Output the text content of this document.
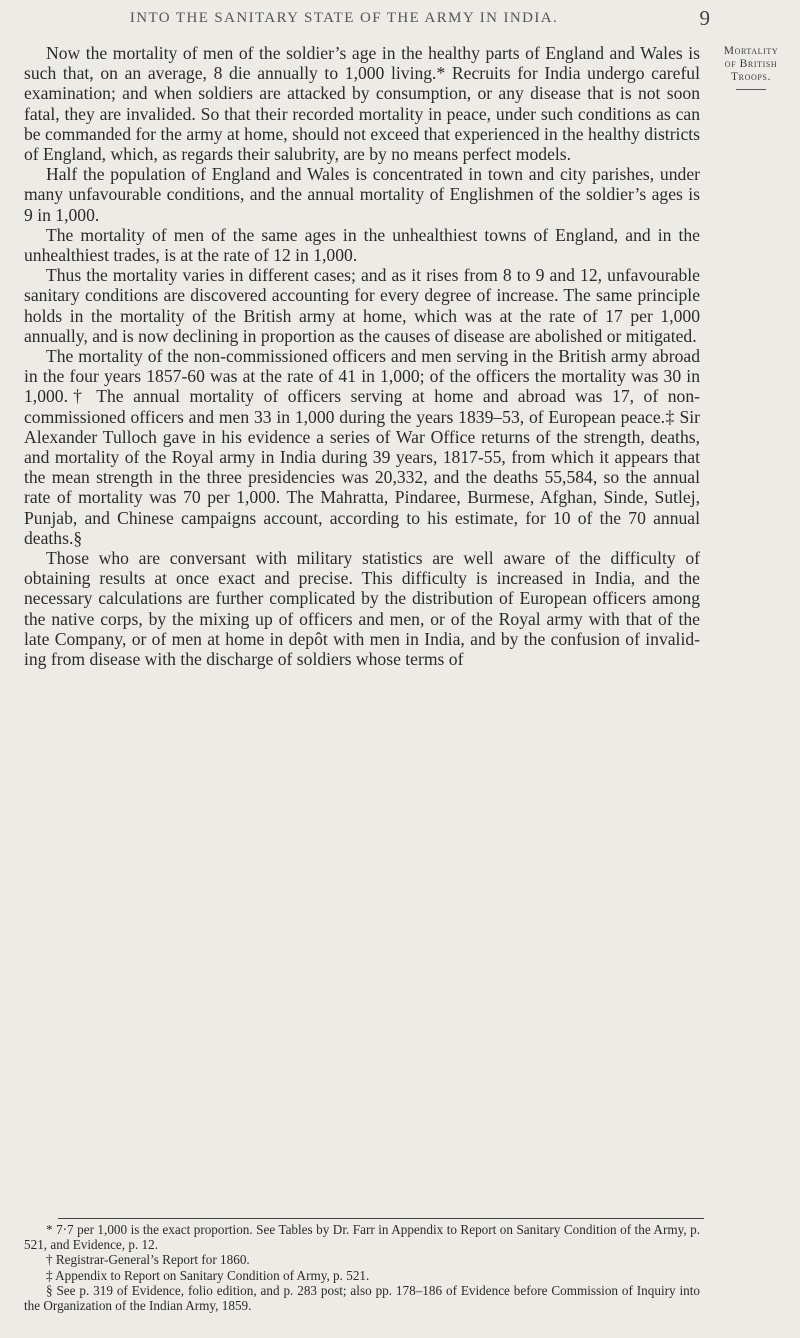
INTO THE SANITARY STATE OF THE ARMY IN INDIA.	9
Mortality
of British
Troops.

Now the mortality of men of the soldier’s age in the healthy parts of England and Wales is such that, on an average, 8 die annually to 1,000 living.* Recruits for India undergo careful examination; and when soldiers are attacked by consumption, or any disease that is not soon fatal, they are invalided. So that their recorded mortality in peace, under such conditions as can be commanded for the army at home, should not exceed that experienced in the healthy districts of England, which, as regards their salubrity, are by no means perfect models.

Half the population of England and Wales is concentrated in town and city parishes, under many unfavourable conditions, and the annual mortality of Englishmen of the soldier’s ages is 9 in 1,000.

The mortality of men of the same ages in the unhealthiest towns of England, and in the unhealthiest trades, is at the rate of 12 in 1,000.

Thus the mortality varies in different cases; and as it rises from 8 to 9 and 12, unfavourable sanitary conditions are discovered accounting for every degree of increase. The same principle holds in the mortality of the British army at home, which was at the rate of 17 per 1,000 annually, and is now declining in proportion as the causes of disease are abolished or mitigated.

The mortality of the non-commissioned officers and men serving in the British army abroad in the four years 1857-60 was at the rate of 41 in 1,000; of the officers the mortality was 30 in 1,000.† The annual mortality of officers serving at home and abroad was 17, of non-commissioned officers and men 33 in 1,000 during the years 1839–53, of European peace.‡ Sir Alexander Tulloch gave in his evidence a series of War Office returns of the strength, deaths, and mortality of the Royal army in India during 39 years, 1817-55, from which it appears that the mean strength in the three presidencies was 20,332, and the deaths 55,584, so the annual rate of mortality was 70 per 1,000. The Mahratta, Pindaree, Burmese, Afghan, Sinde, Sutlej, Punjab, and Chinese campaigns account, according to his estimate, for 10 of the 70 annual deaths.§

Those who are conversant with military statistics are well aware of the difficulty of obtaining results at once exact and precise. This difficulty is increased in India, and the necessary calculations are further complicated by the distribution of European officers among the native corps, by the mixing up of officers and men, or of the Royal army with that of the late Company, or of men at home in depôt with men in India, and by the confusion of invaliding from disease with the discharge of soldiers whose terms of

* 7·7 per 1,000 is the exact proportion. See Tables by Dr. Farr in Appendix to Report on Sanitary Condition of the Army, p. 521, and Evidence, p. 12.

† Registrar-General’s Report for 1860.

‡ Appendix to Report on Sanitary Condition of Army, p. 521.

§ See p. 319 of Evidence, folio edition, and p. 283 post; also pp. 178–186 of Evidence before Commission of Inquiry into the Organization of the Indian Army, 1859.
